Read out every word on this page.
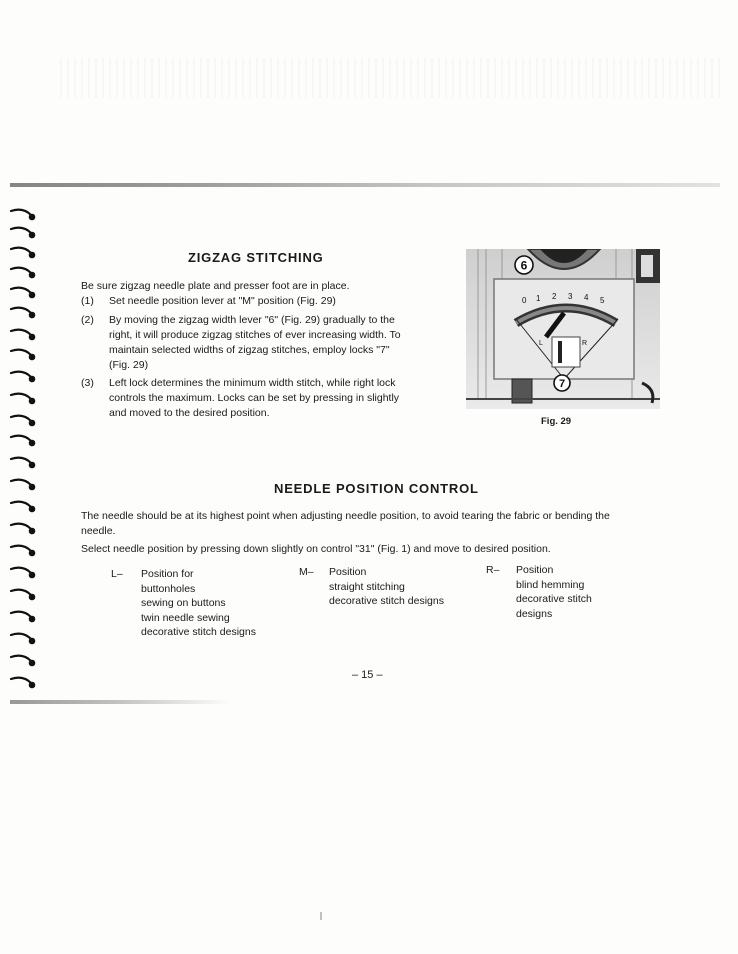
ZIGZAG STITCHING
Be sure zigzag needle plate and presser foot are in place.
(1) Set needle position lever at "M" position (Fig. 29)
(2) By moving the zigzag width lever "6" (Fig. 29) gradually to the
right, it will produce zigzag stitches of ever increasing width. To
maintain selected widths of zigzag stitches, employ locks "7"
(Fig. 29)
(3) Left lock determines the minimum width stitch, while right lock
controls the maximum. Locks can be set by pressing in slightly
and moved to the desired position.
6
7
0 1 2 3 4 5
L	R
Fig. 29
NEEDLE POSITION CONTROL
The needle should be at its highest point when adjusting needle position, to avoid tearing the fabric or bending the
needle.
Select needle position by pressing down slightly on control "31" (Fig. 1) and move to desired position.
L– Position for
buttonholes
sewing on buttons
twin needle sewing
decorative stitch designs
M– Position
straight stitching
decorative stitch designs
R– Position
blind hemming
decorative stitch
designs
– 15 –
